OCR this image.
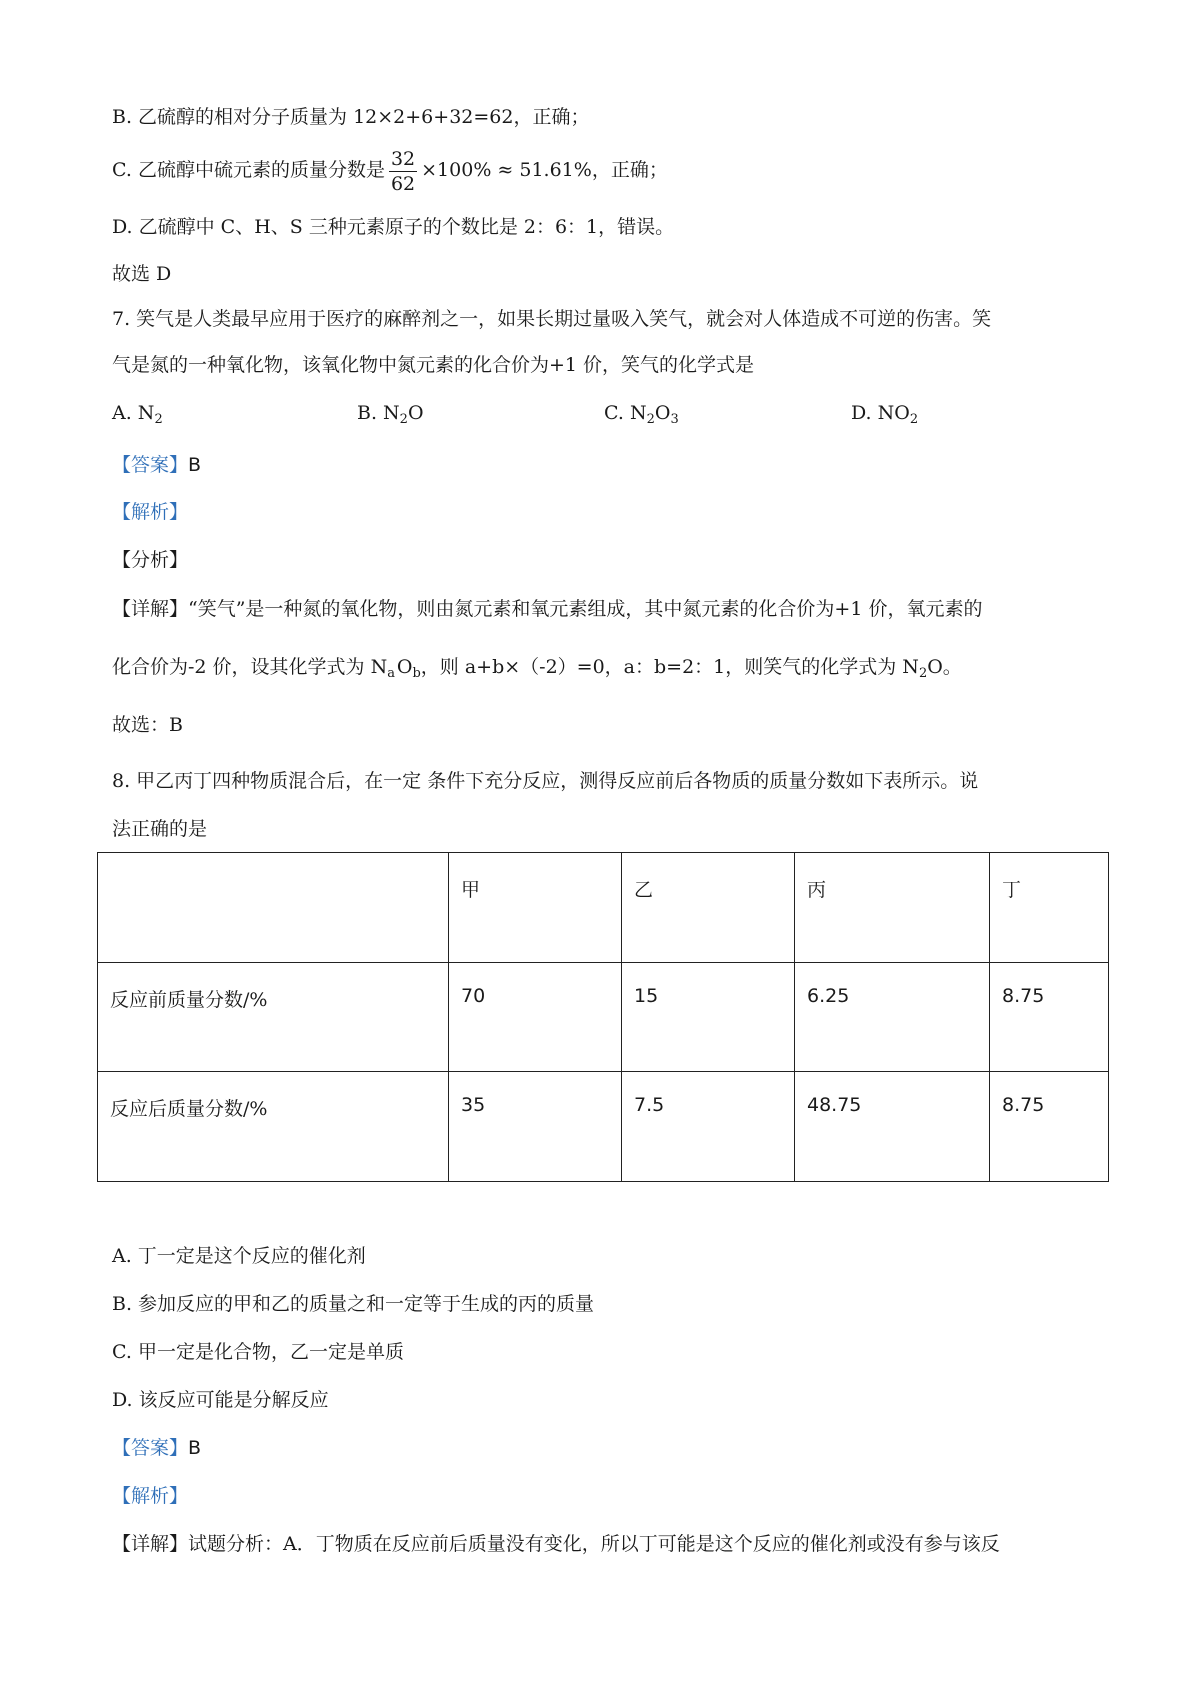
B. 乙硫醇的相对分子质量为 12×2+6+32=62，正确；
C. 乙硫醇中硫元素的质量分数是 $\frac{32}{62} \times 100\% \approx 51.61\%$，正确；
D. 乙硫醇中 C、H、S 三种元素原子的个数比是 2：6：1，错误。
故选 D
7. 笑气是人类最早应用于医疗的麻醉剂之一，如果长期过量吸入笑气，就会对人体造成不可逆的伤害。笑
气是氮的一种氧化物，该氧化物中氮元素的化合价为+1 价，笑气的化学式是
A. $N_2$	B. $N_2O$	C. $N_2O_3$	D. $NO_2$
【答案】B
【解析】
【分析】
【详解】“笑气”是一种氮的氧化物，则由氮元素和氧元素组成，其中氮元素的化合价为+1 价，氧元素的
化合价为-2 价，设其化学式为 $N_a$  $O_b$，则 a+b×（-2）=0，a：b=2：1，则笑气的化学式为 $N_2O$。
故选：B
8. 甲乙丙丁四种物质混合后，在一定 条件下充分反应，测得反应前后各物质的质量分数如下表所示。说
法正确的是
	甲	乙	丙	丁
反应前质量分数/%	70	15	6.25	8.75
反应后质量分数/%	35	7.5	48.75	8.75
A. 丁一定是这个反应的催化剂
B. 参加反应的甲和乙的质量之和一定等于生成的丙的质量
C. 甲一定是化合物，乙一定是单质
D. 该反应可能是分解反应
【答案】B
【解析】
【详解】试题分析：A．丁物质在反应前后质量没有变化，所以丁可能是这个反应的催化剂或没有参与该反
